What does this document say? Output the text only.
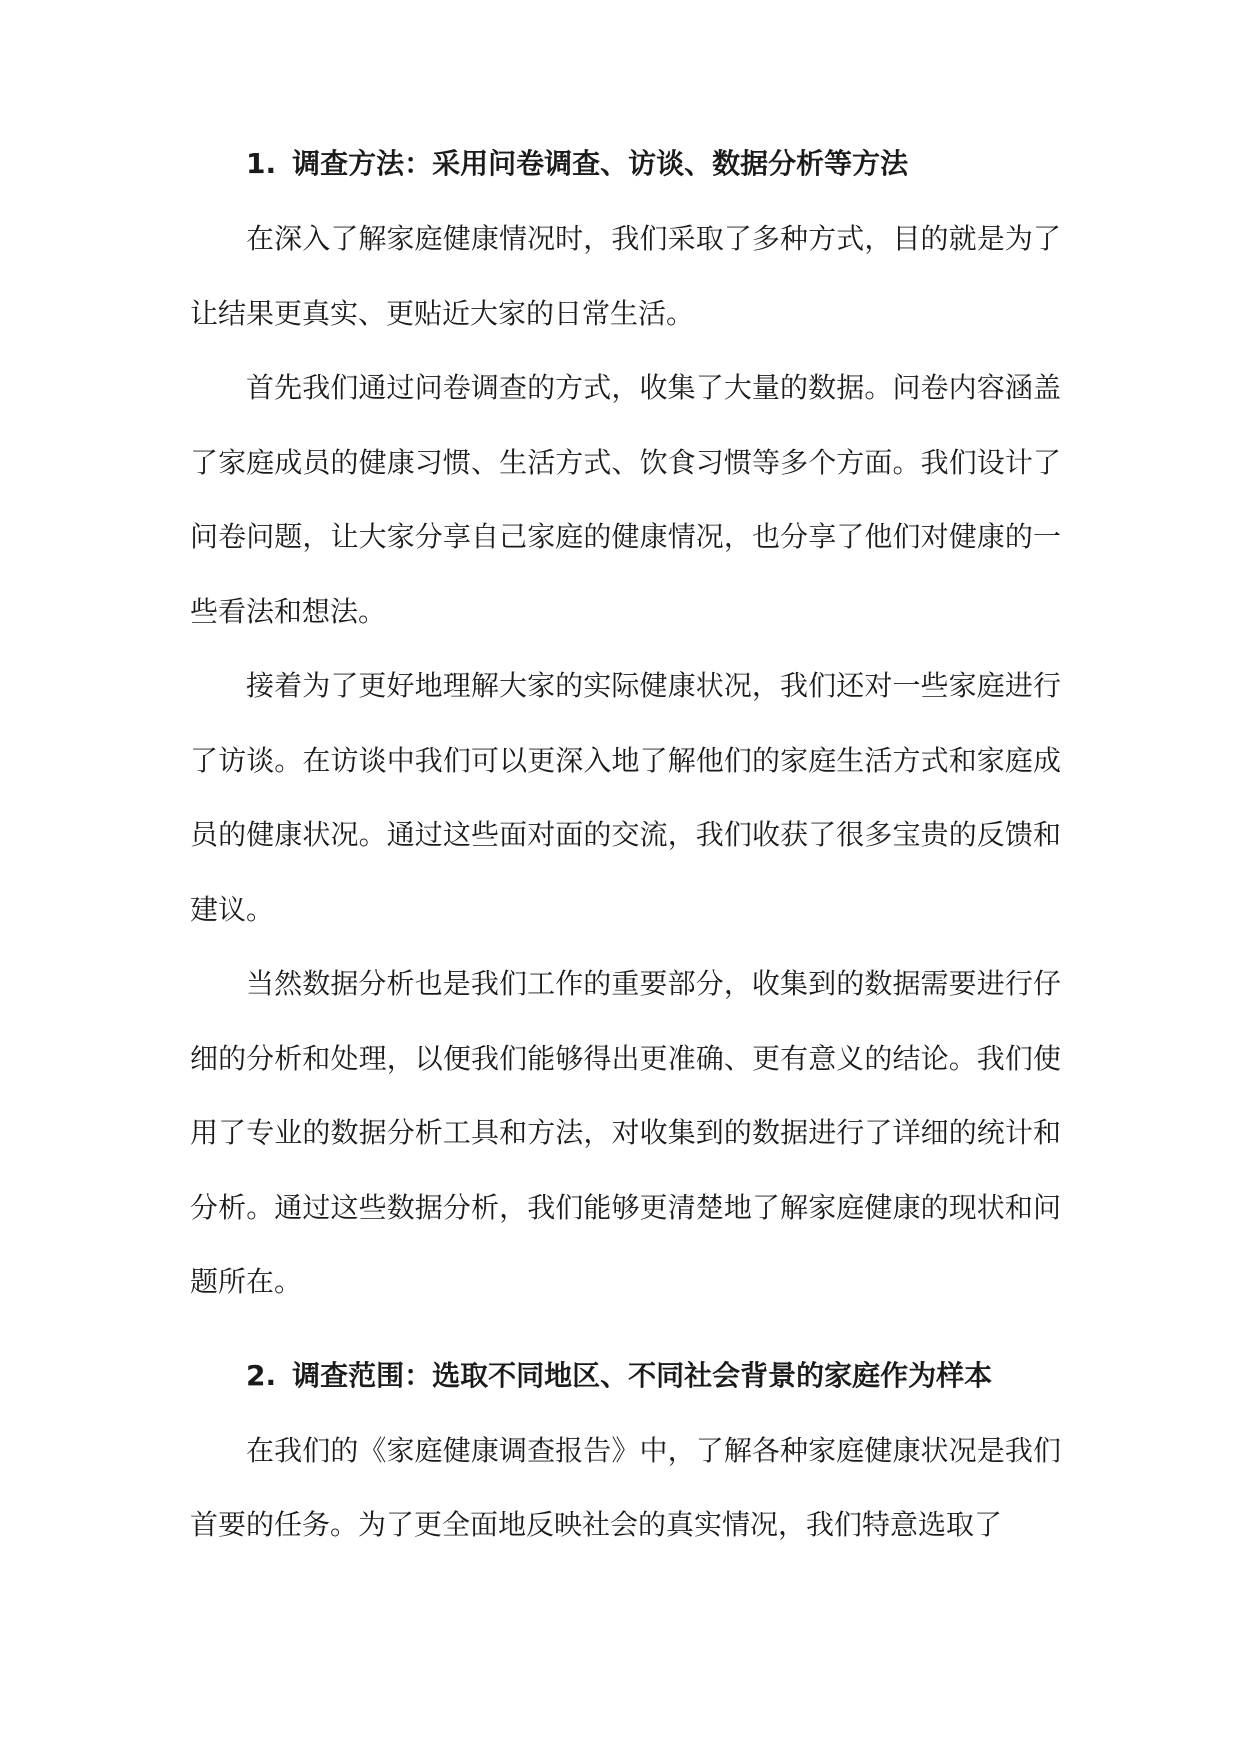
1. 调查方法：采用问卷调查、访谈、数据分析等方法

在深入了解家庭健康情况时，我们采取了多种方式，目的就是为了让结果更真实、更贴近大家的日常生活。

首先我们通过问卷调查的方式，收集了大量的数据。问卷内容涵盖了家庭成员的健康习惯、生活方式、饮食习惯等多个方面。我们设计了问卷问题，让大家分享自己家庭的健康情况，也分享了他们对健康的一些看法和想法。

接着为了更好地理解大家的实际健康状况，我们还对一些家庭进行了访谈。在访谈中我们可以更深入地了解他们的家庭生活方式和家庭成员的健康状况。通过这些面对面的交流，我们收获了很多宝贵的反馈和建议。

当然数据分析也是我们工作的重要部分，收集到的数据需要进行仔细的分析和处理，以便我们能够得出更准确、更有意义的结论。我们使用了专业的数据分析工具和方法，对收集到的数据进行了详细的统计和分析。通过这些数据分析，我们能够更清楚地了解家庭健康的现状和问题所在。

2. 调查范围：选取不同地区、不同社会背景的家庭作为样本

在我们的《家庭健康调查报告》中，了解各种家庭健康状况是我们首要的任务。为了更全面地反映社会的真实情况，我们特意选取了
